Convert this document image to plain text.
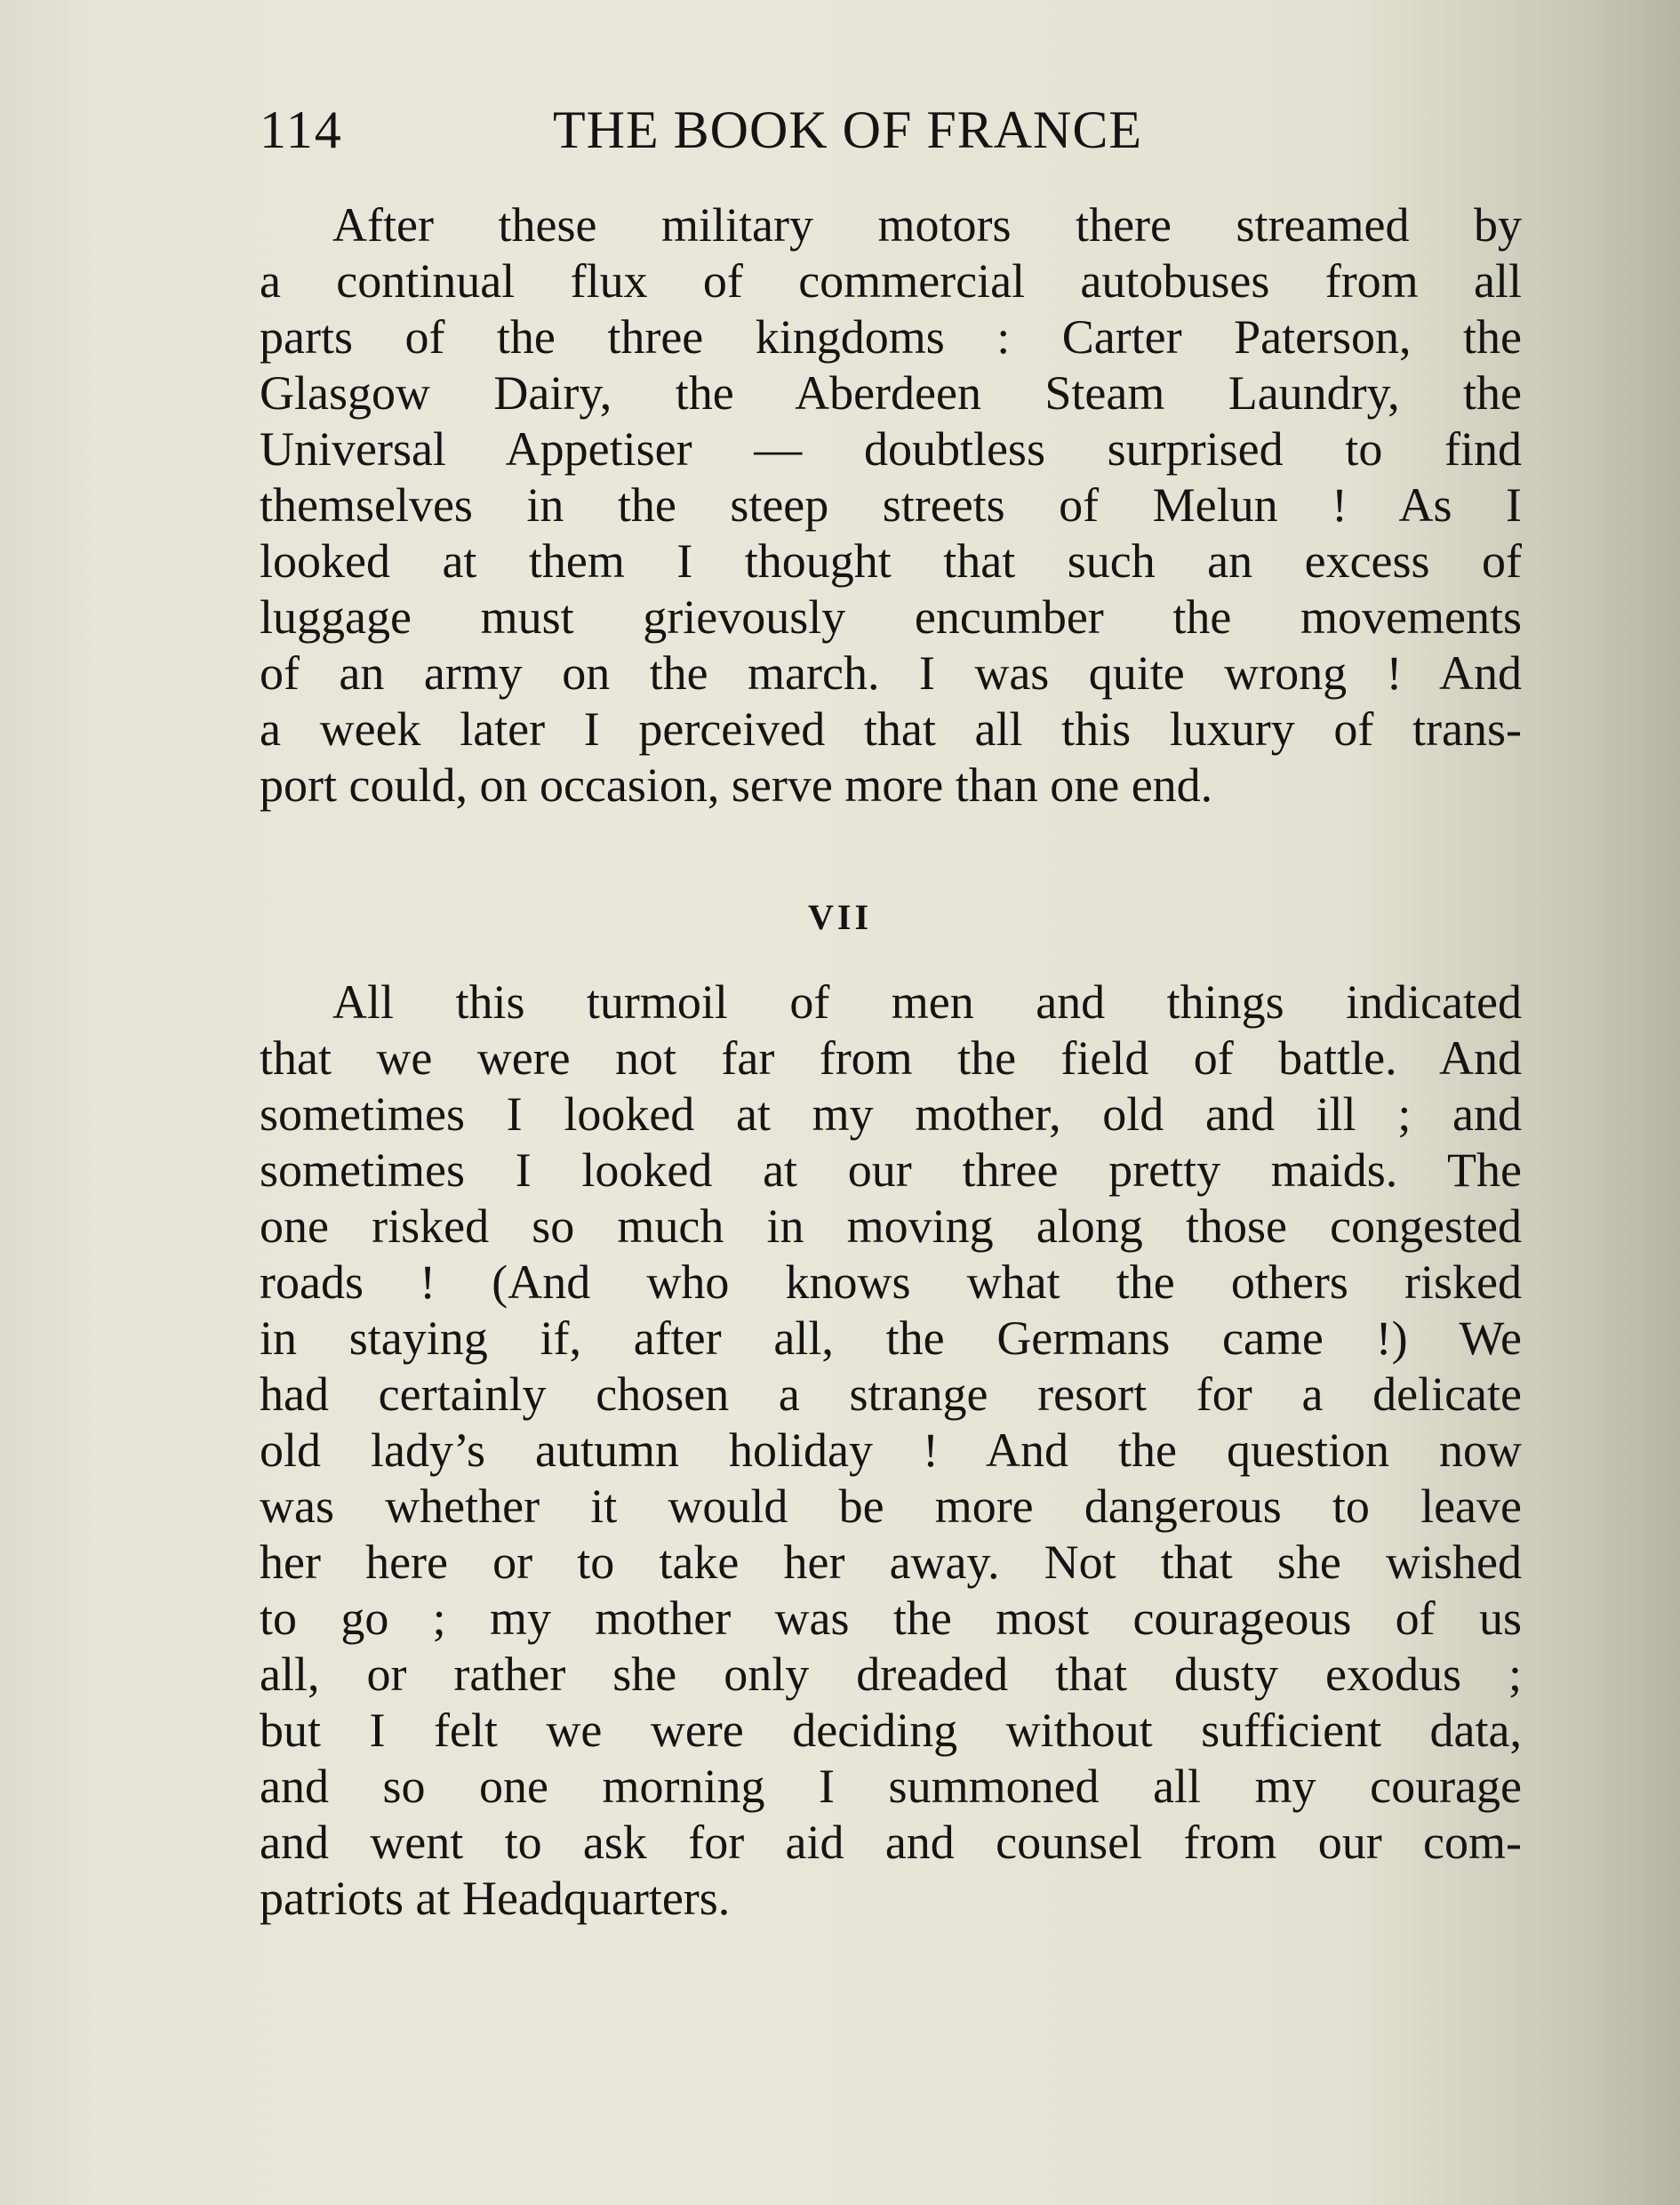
114	THE BOOK OF FRANCE
After these military motors there streamed by
a continual flux of commercial autobuses from all
parts of the three kingdoms : Carter Paterson, the
Glasgow Dairy, the Aberdeen Steam Laundry, the
Universal Appetiser — doubtless surprised to find
themselves in the steep streets of Melun ! As I
looked at them I thought that such an excess of
luggage must grievously encumber the movements
of an army on the march. I was quite wrong ! And
a week later I perceived that all this luxury of trans-
port could, on occasion, serve more than one end.
VII
All this turmoil of men and things indicated
that we were not far from the field of battle. And
sometimes I looked at my mother, old and ill ; and
sometimes I looked at our three pretty maids. The
one risked so much in moving along those congested
roads ! (And who knows what the others risked
in staying if, after all, the Germans came !) We
had certainly chosen a strange resort for a delicate
old lady’s autumn holiday ! And the question now
was whether it would be more dangerous to leave
her here or to take her away. Not that she wished
to go ; my mother was the most courageous of us
all, or rather she only dreaded that dusty exodus ;
but I felt we were deciding without sufficient data,
and so one morning I summoned all my courage
and went to ask for aid and counsel from our com-
patriots at Headquarters.
